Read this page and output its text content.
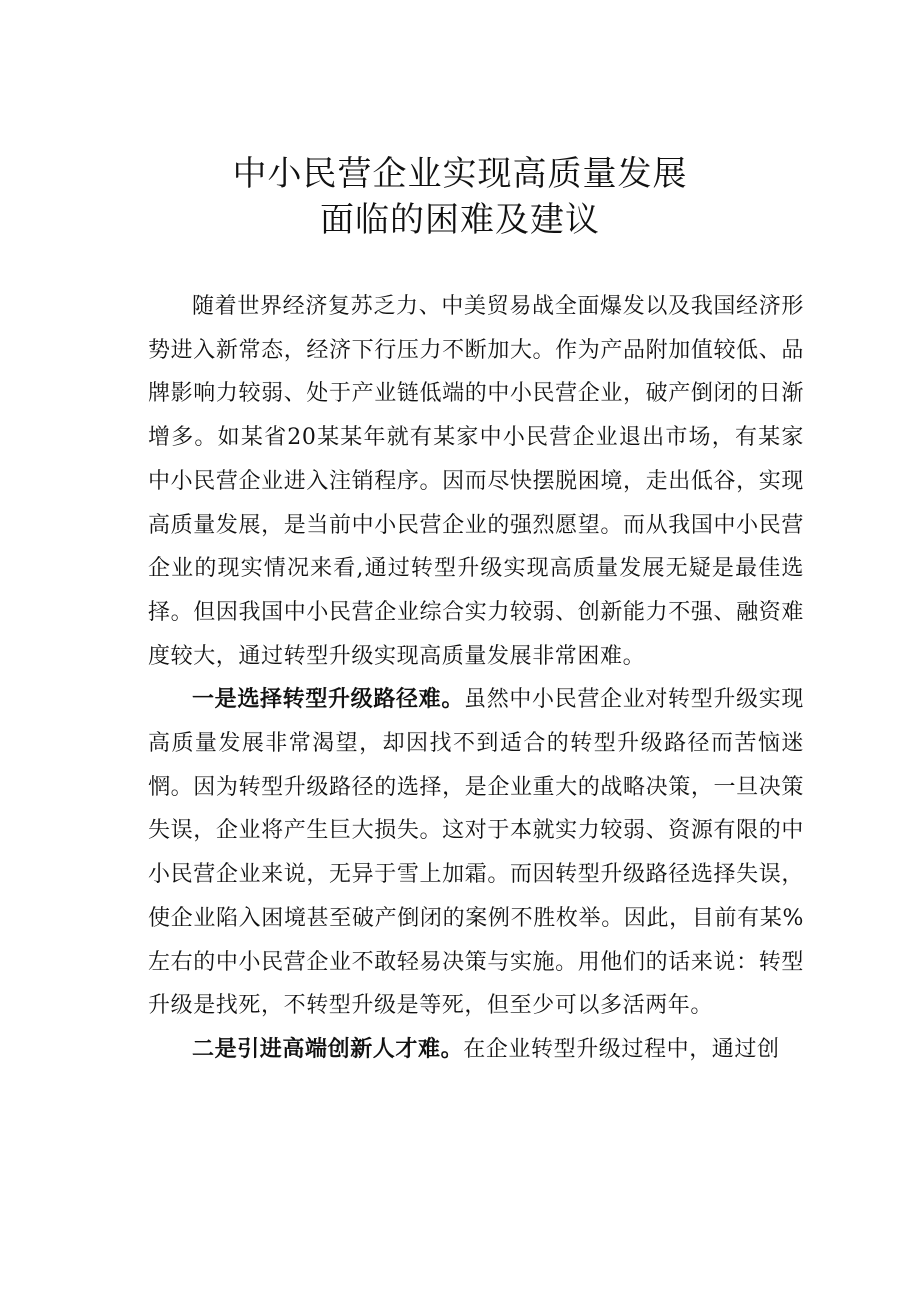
中小民营企业实现高质量发展
面临的困难及建议

随着世界经济复苏乏力、中美贸易战全面爆发以及我国经济形势进入新常态，经济下行压力不断加大。作为产品附加值较低、品牌影响力较弱、处于产业链低端的中小民营企业，破产倒闭的日渐增多。如某省20某某年就有某家中小民营企业退出市场，有某家中小民营企业进入注销程序。因而尽快摆脱困境，走出低谷，实现高质量发展，是当前中小民营企业的强烈愿望。而从我国中小民营企业的现实情况来看,通过转型升级实现高质量发展无疑是最佳选择。但因我国中小民营企业综合实力较弱、创新能力不强、融资难度较大，通过转型升级实现高质量发展非常困难。

一是选择转型升级路径难。虽然中小民营企业对转型升级实现高质量发展非常渴望，却因找不到适合的转型升级路径而苦恼迷惘。因为转型升级路径的选择，是企业重大的战略决策，一旦决策失误，企业将产生巨大损失。这对于本就实力较弱、资源有限的中小民营企业来说，无异于雪上加霜。而因转型升级路径选择失误，使企业陷入困境甚至破产倒闭的案例不胜枚举。因此，目前有某%左右的中小民营企业不敢轻易决策与实施。用他们的话来说：转型升级是找死，不转型升级是等死，但至少可以多活两年。

二是引进高端创新人才难。在企业转型升级过程中，通过创
